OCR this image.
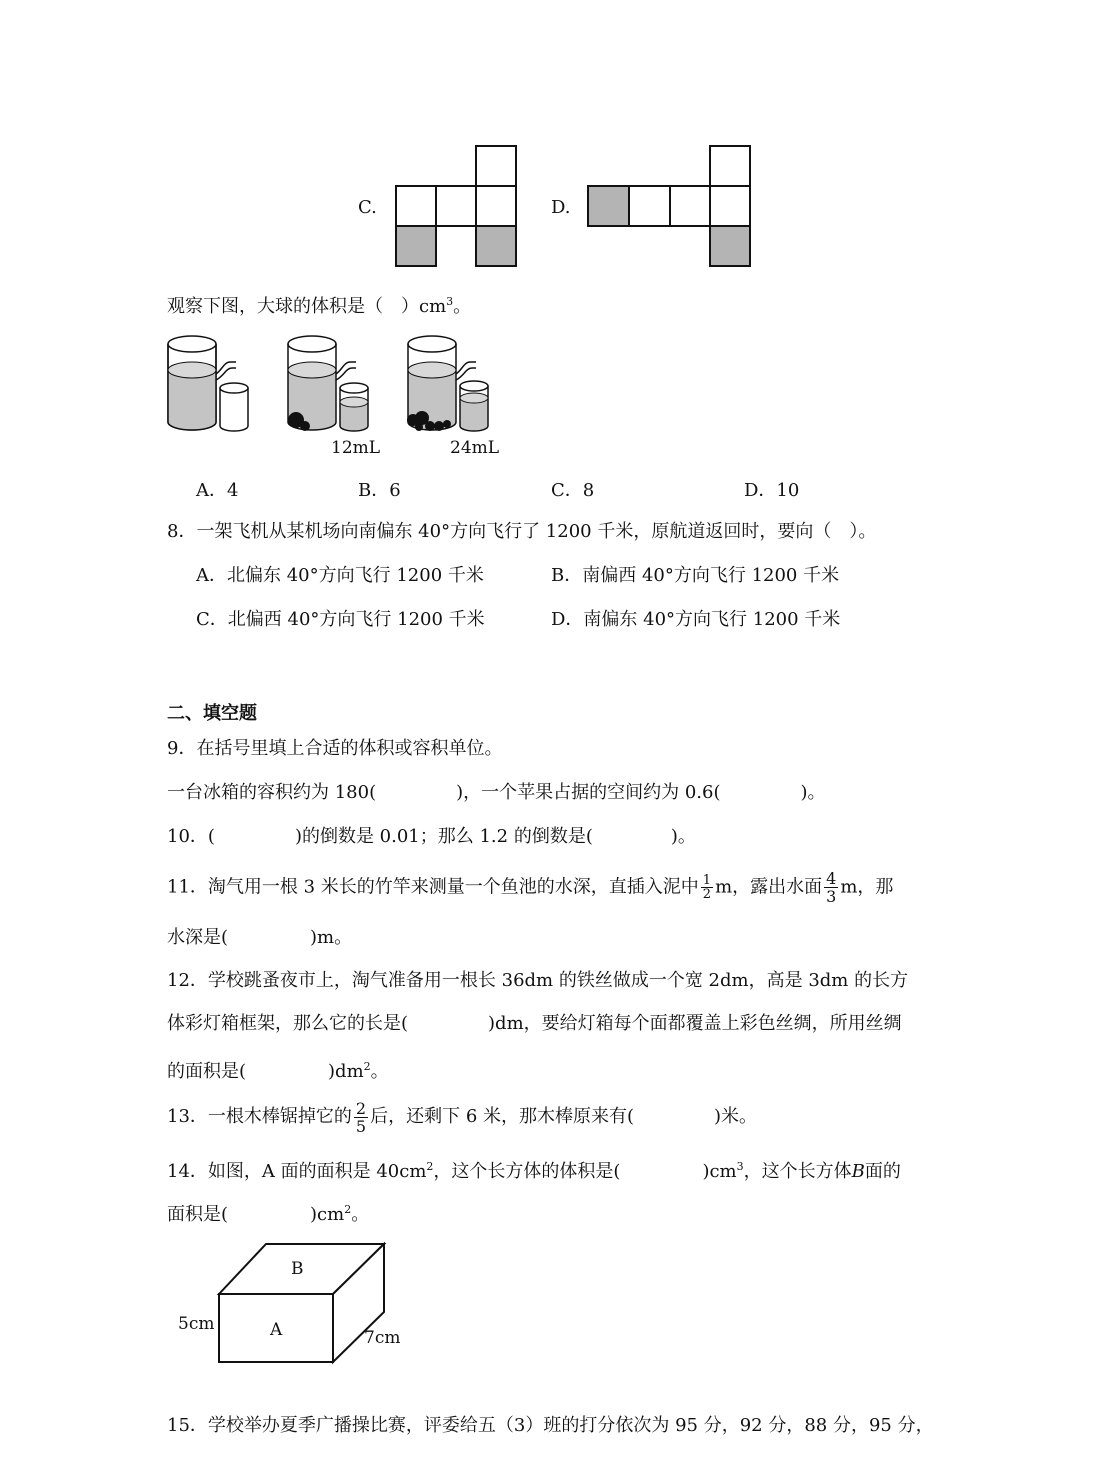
C.	D.
观察下图，大球的体积是（　）$cm^3$。
12mL	24mL
A．4	B．6	C．8	D．10
8．一架飞机从某机场向南偏东 40°方向飞行了 1200 千米，原航道返回时，要向（　）。
A．北偏东 40°方向飞行 1200 千米	B．南偏西 40°方向飞行 1200 千米
C．北偏西 40°方向飞行 1200 千米	D．南偏东 40°方向飞行 1200 千米
二、填空题
9．在括号里填上合适的体积或容积单位。
一台冰箱的容积约为 180(	)，一个苹果占据的空间约为 0.6(	)。
10．(	)的倒数是 0.01；那么 1.2 的倒数是(	)。
11．淘气用一根 3 米长的竹竿来测量一个鱼池的水深，直插入泥中 $\frac{1}{2}$ m，露出水面 $\frac{4}{3}$ m，那
水深是(	)m。
12．学校跳蚤夜市上，淘气准备用一根长 36dm 的铁丝做成一个宽 2dm，高是 3dm 的长方
体彩灯箱框架，那么它的长是(	)dm，要给灯箱每个面都覆盖上彩色丝绸，所用丝绸
的面积是(	)$dm^2$。
13．一根木棒锯掉它的 $\frac{2}{5}$ 后，还剩下 6 米，那木棒原来有(	)米。
14．如图，A 面的面积是 $40cm^2$，这个长方体的体积是(	)$cm^3$，这个长方体B面的
面积是(	)$cm^2$。
B
A
5cm
7cm
15．学校举办夏季广播操比赛，评委给五（3）班的打分依次为 95 分，92 分，88 分，95 分，
